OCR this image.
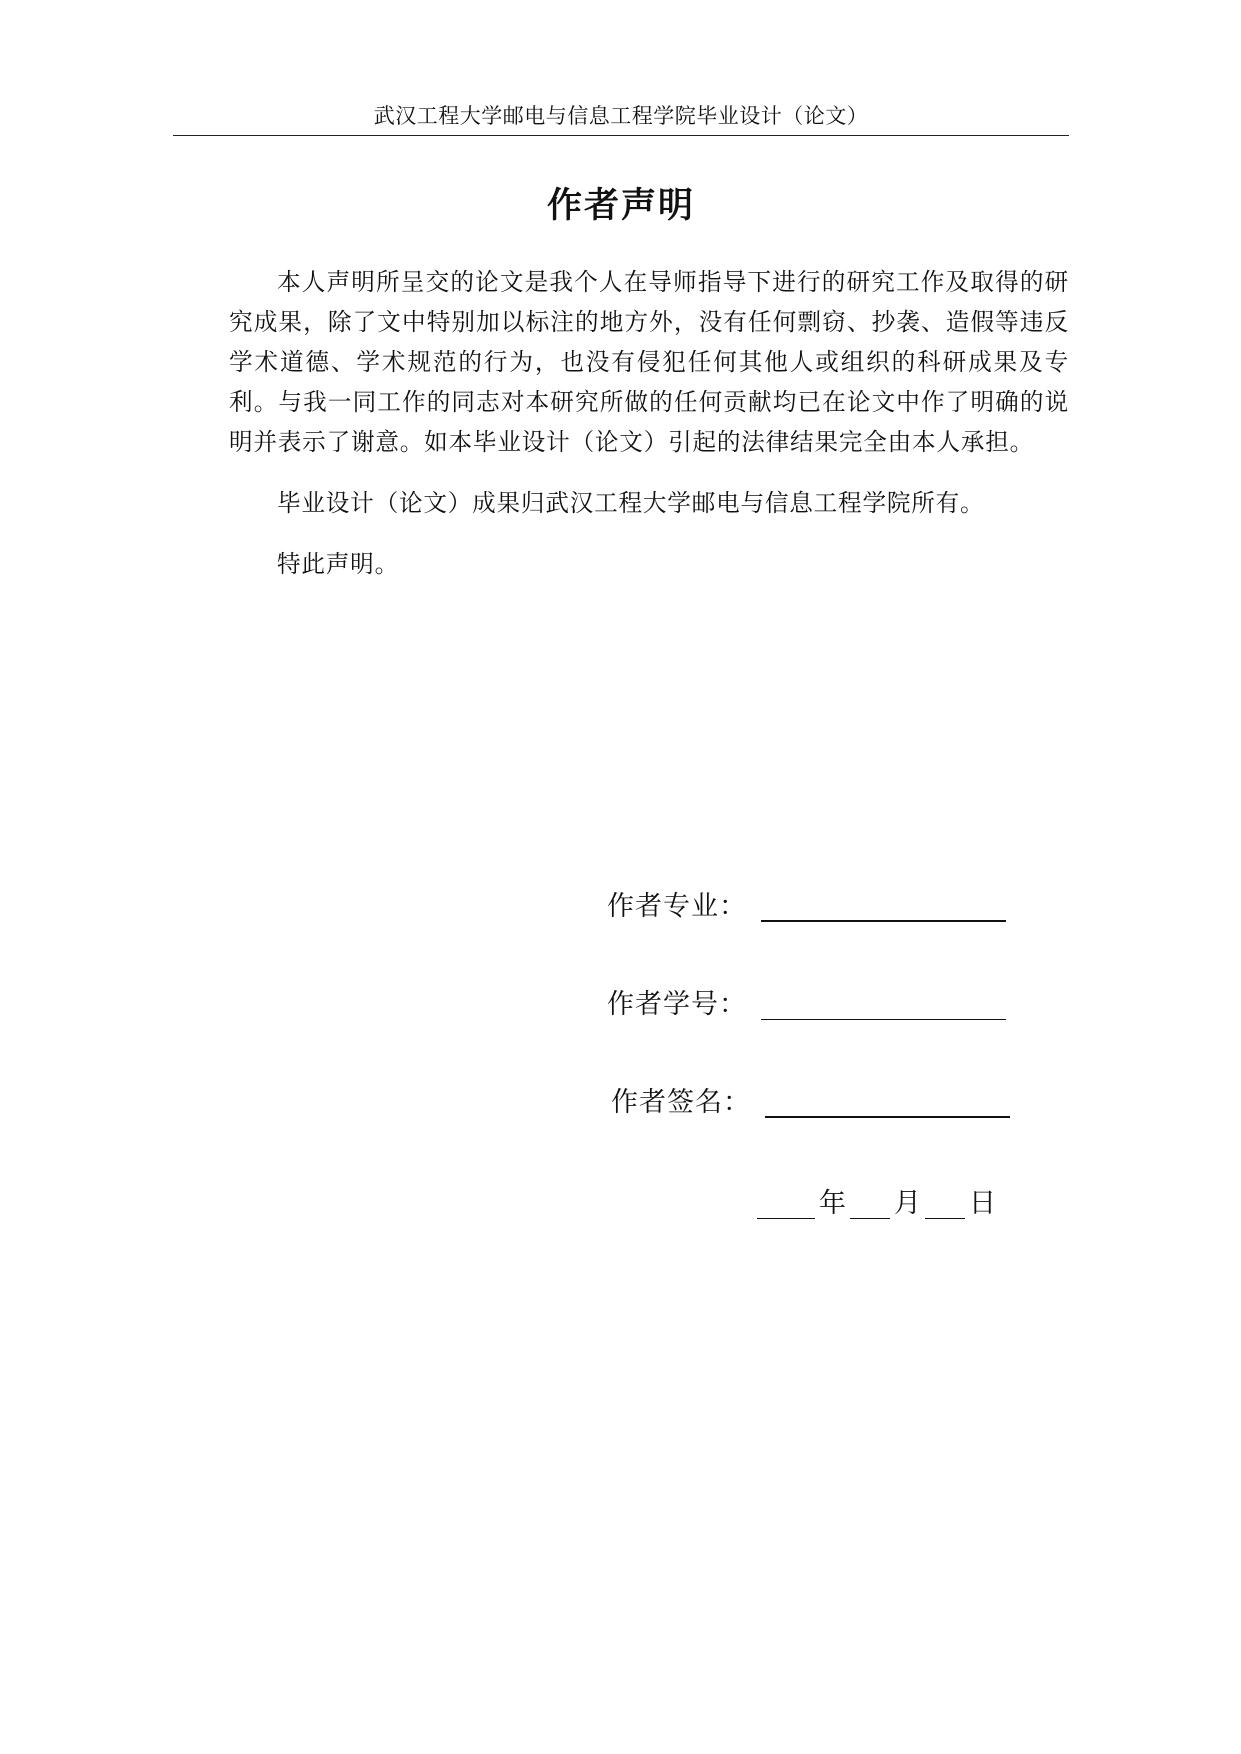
武汉工程大学邮电与信息工程学院毕业设计（论文）
作者声明

本人声明所呈交的论文是我个人在导师指导下进行的研究工作及取得的研究成果，除了文中特别加以标注的地方外，没有任何剽窃、抄袭、造假等违反学术道德、学术规范的行为，也没有侵犯任何其他人或组织的科研成果及专利。与我一同工作的同志对本研究所做的任何贡献均已在论文中作了明确的说明并表示了谢意。如本毕业设计（论文）引起的法律结果完全由本人承担。

毕业设计（论文）成果归武汉工程大学邮电与信息工程学院所有。

特此声明。

作者专业：
作者学号：
作者签名：
年 月 日
